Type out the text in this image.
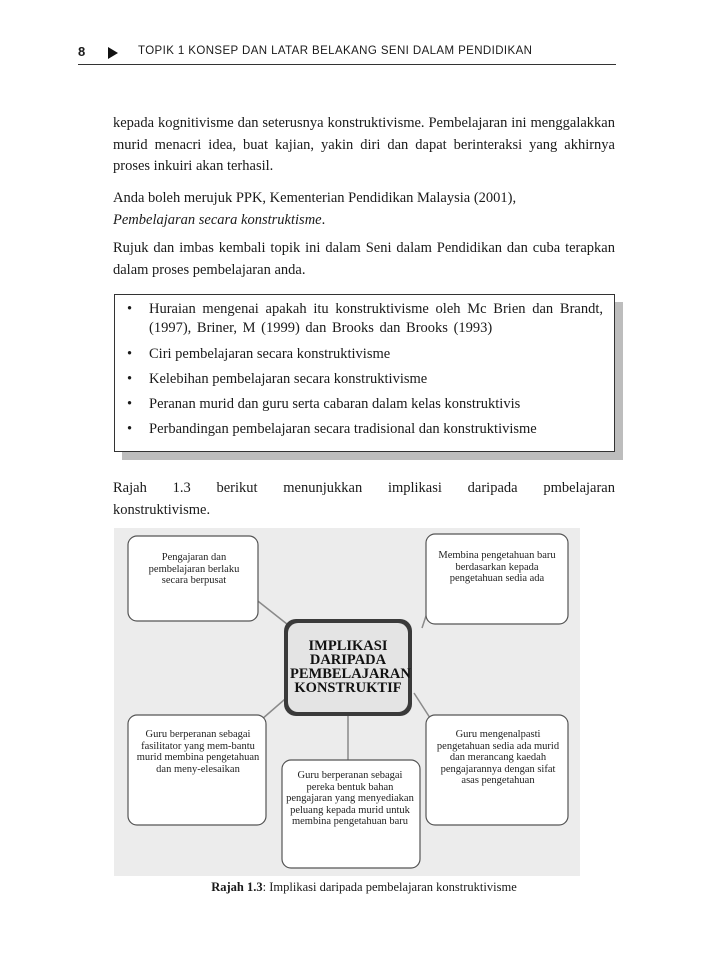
8	TOPIK 1 KONSEP DAN LATAR BELAKANG SENI DALAM PENDIDIKAN

kepada kognitivisme dan seterusnya konstruktivisme. Pembelajaran ini menggalakkan murid menacri idea, buat kajian, yakin diri dan dapat berinteraksi yang akhirnya proses inkuiri akan terhasil.

Anda boleh merujuk PPK, Kementerian Pendidikan Malaysia (2001),
Pembelajaran secara konstruktisme.

Rujuk dan imbas kembali topik ini dalam Seni dalam Pendidikan dan cuba terapkan dalam proses pembelajaran anda.

• Huraian mengenai apakah itu konstruktivisme oleh Mc Brien dan Brandt, (1997), Briner, M (1999) dan Brooks dan Brooks (1993)
• Ciri pembelajaran secara konstruktivisme
• Kelebihan pembelajaran secara konstruktivisme
• Peranan murid dan guru serta cabaran dalam kelas konstruktivis
• Perbandingan pembelajaran secara tradisional dan konstruktivisme

Rajah 1.3 berikut menunjukkan implikasi daripada pmbelajaran konstruktivisme.

Pengajaran dan pembelajaran berlaku secara berpusat
Membina pengetahuan baru berdasarkan kepada pengetahuan sedia ada
Guru berperanan sebagai fasilitator yang mem-bantu murid membina pengetahuan dan meny-elesaikan
Guru mengenalpasti pengetahuan sedia ada murid dan merancang kaedah pengajarannya dengan sifat asas pengetahuan
Guru berperanan sebagai pereka bentuk bahan pengajaran yang menyediakan peluang kepada murid untuk membina pengetahuan baru
IMPLIKASI DARIPADA PEMBELAJARAN KONSTRUKTIF
Rajah 1.3: Implikasi daripada pembelajaran konstruktivisme
